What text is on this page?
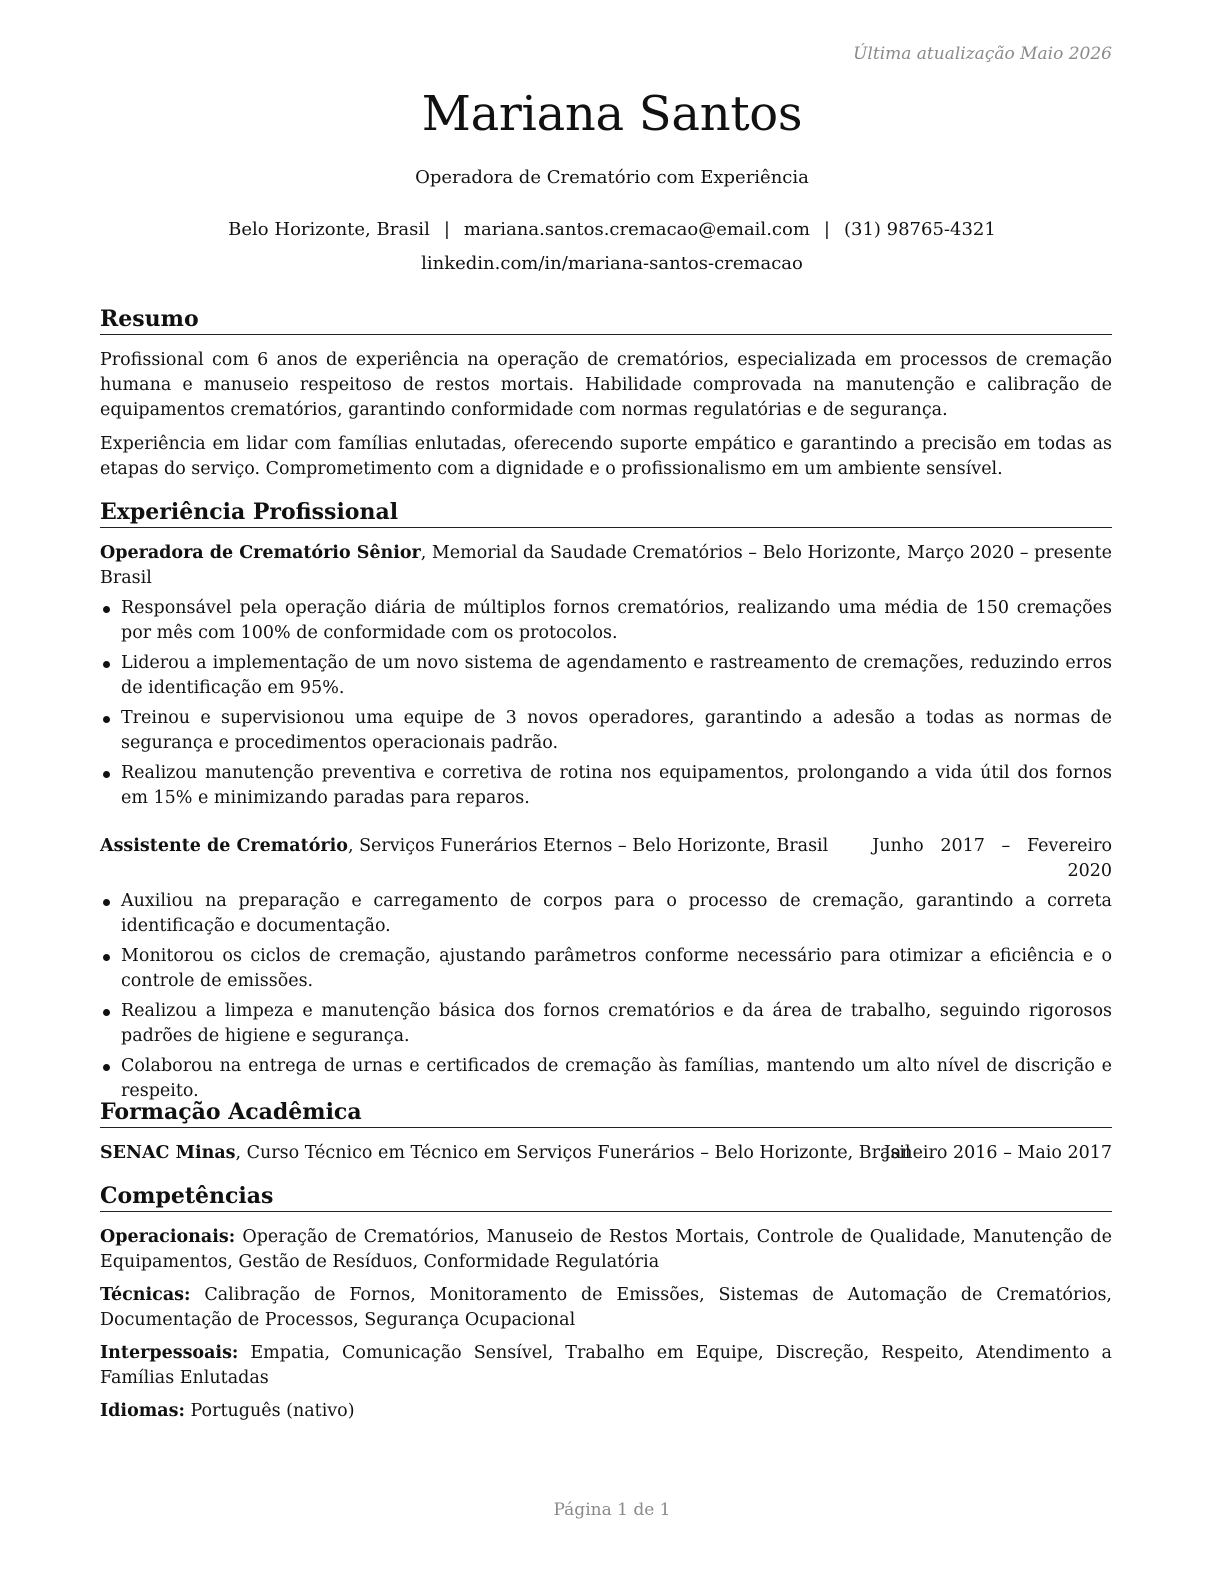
Última atualização Maio 2026
Mariana Santos
Operadora de Crematório com Experiência
Belo Horizonte, Brasil | mariana.santos.cremacao@email.com | (31) 98765-4321
linkedin.com/in/mariana-santos-cremacao
Resumo

Profissional com 6 anos de experiência na operação de crematórios, especializada em processos de cremação humana e manuseio respeitoso de restos mortais. Habilidade comprovada na manutenção e calibração de equipamentos crematórios, garantindo conformidade com normas regulatórias e de segurança.

Experiência em lidar com famílias enlutadas, oferecendo suporte empático e garantindo a precisão em todas as etapas do serviço. Comprometimento com a dignidade e o profissionalismo em um ambiente sensível.

Experiência Profissional
Operadora de Crematório Sênior, Memorial da Saudade Crematórios – Belo Horizonte, Março 2020 – presente
Brasil
Responsável pela operação diária de múltiplos fornos crematórios, realizando uma média de 150 cremações por mês com 100% de conformidade com os protocolos.
Liderou a implementação de um novo sistema de agendamento e rastreamento de cremações, reduzindo erros de identificação em 95%.
Treinou e supervisionou uma equipe de 3 novos operadores, garantindo a adesão a todas as normas de segurança e procedimentos operacionais padrão.
Realizou manutenção preventiva e corretiva de rotina nos equipamentos, prolongando a vida útil dos fornos em 15% e minimizando paradas para reparos.
Assistente de Crematório, Serviços Funerários Eternos – Belo Horizonte, Brasil	Junho   2017   –   Fevereiro
2020
Auxiliou na preparação e carregamento de corpos para o processo de cremação, garantindo a correta identificação e documentação.
Monitorou os ciclos de cremação, ajustando parâmetros conforme necessário para otimizar a eficiência e o controle de emissões.
Realizou a limpeza e manutenção básica dos fornos crematórios e da área de trabalho, seguindo rigorosos padrões de higiene e segurança.
Colaborou na entrega de urnas e certificados de cremação às famílias, mantendo um alto nível de discrição e respeito.
Formação Acadêmica
SENAC Minas, Curso Técnico em Técnico em Serviços Funerários – Belo Horizonte, Brasil
Janeiro 2016 – Maio 2017
Competências

Operacionais: Operação de Crematórios, Manuseio de Restos Mortais, Controle de Qualidade, Manutenção de Equipamentos, Gestão de Resíduos, Conformidade Regulatória

Técnicas: Calibração de Fornos, Monitoramento de Emissões, Sistemas de Automação de Crematórios, Documentação de Processos, Segurança Ocupacional

Interpessoais: Empatia, Comunicação Sensível, Trabalho em Equipe, Discreção, Respeito, Atendimento a Famílias Enlutadas

Idiomas: Português (nativo)

Página 1 de 1
